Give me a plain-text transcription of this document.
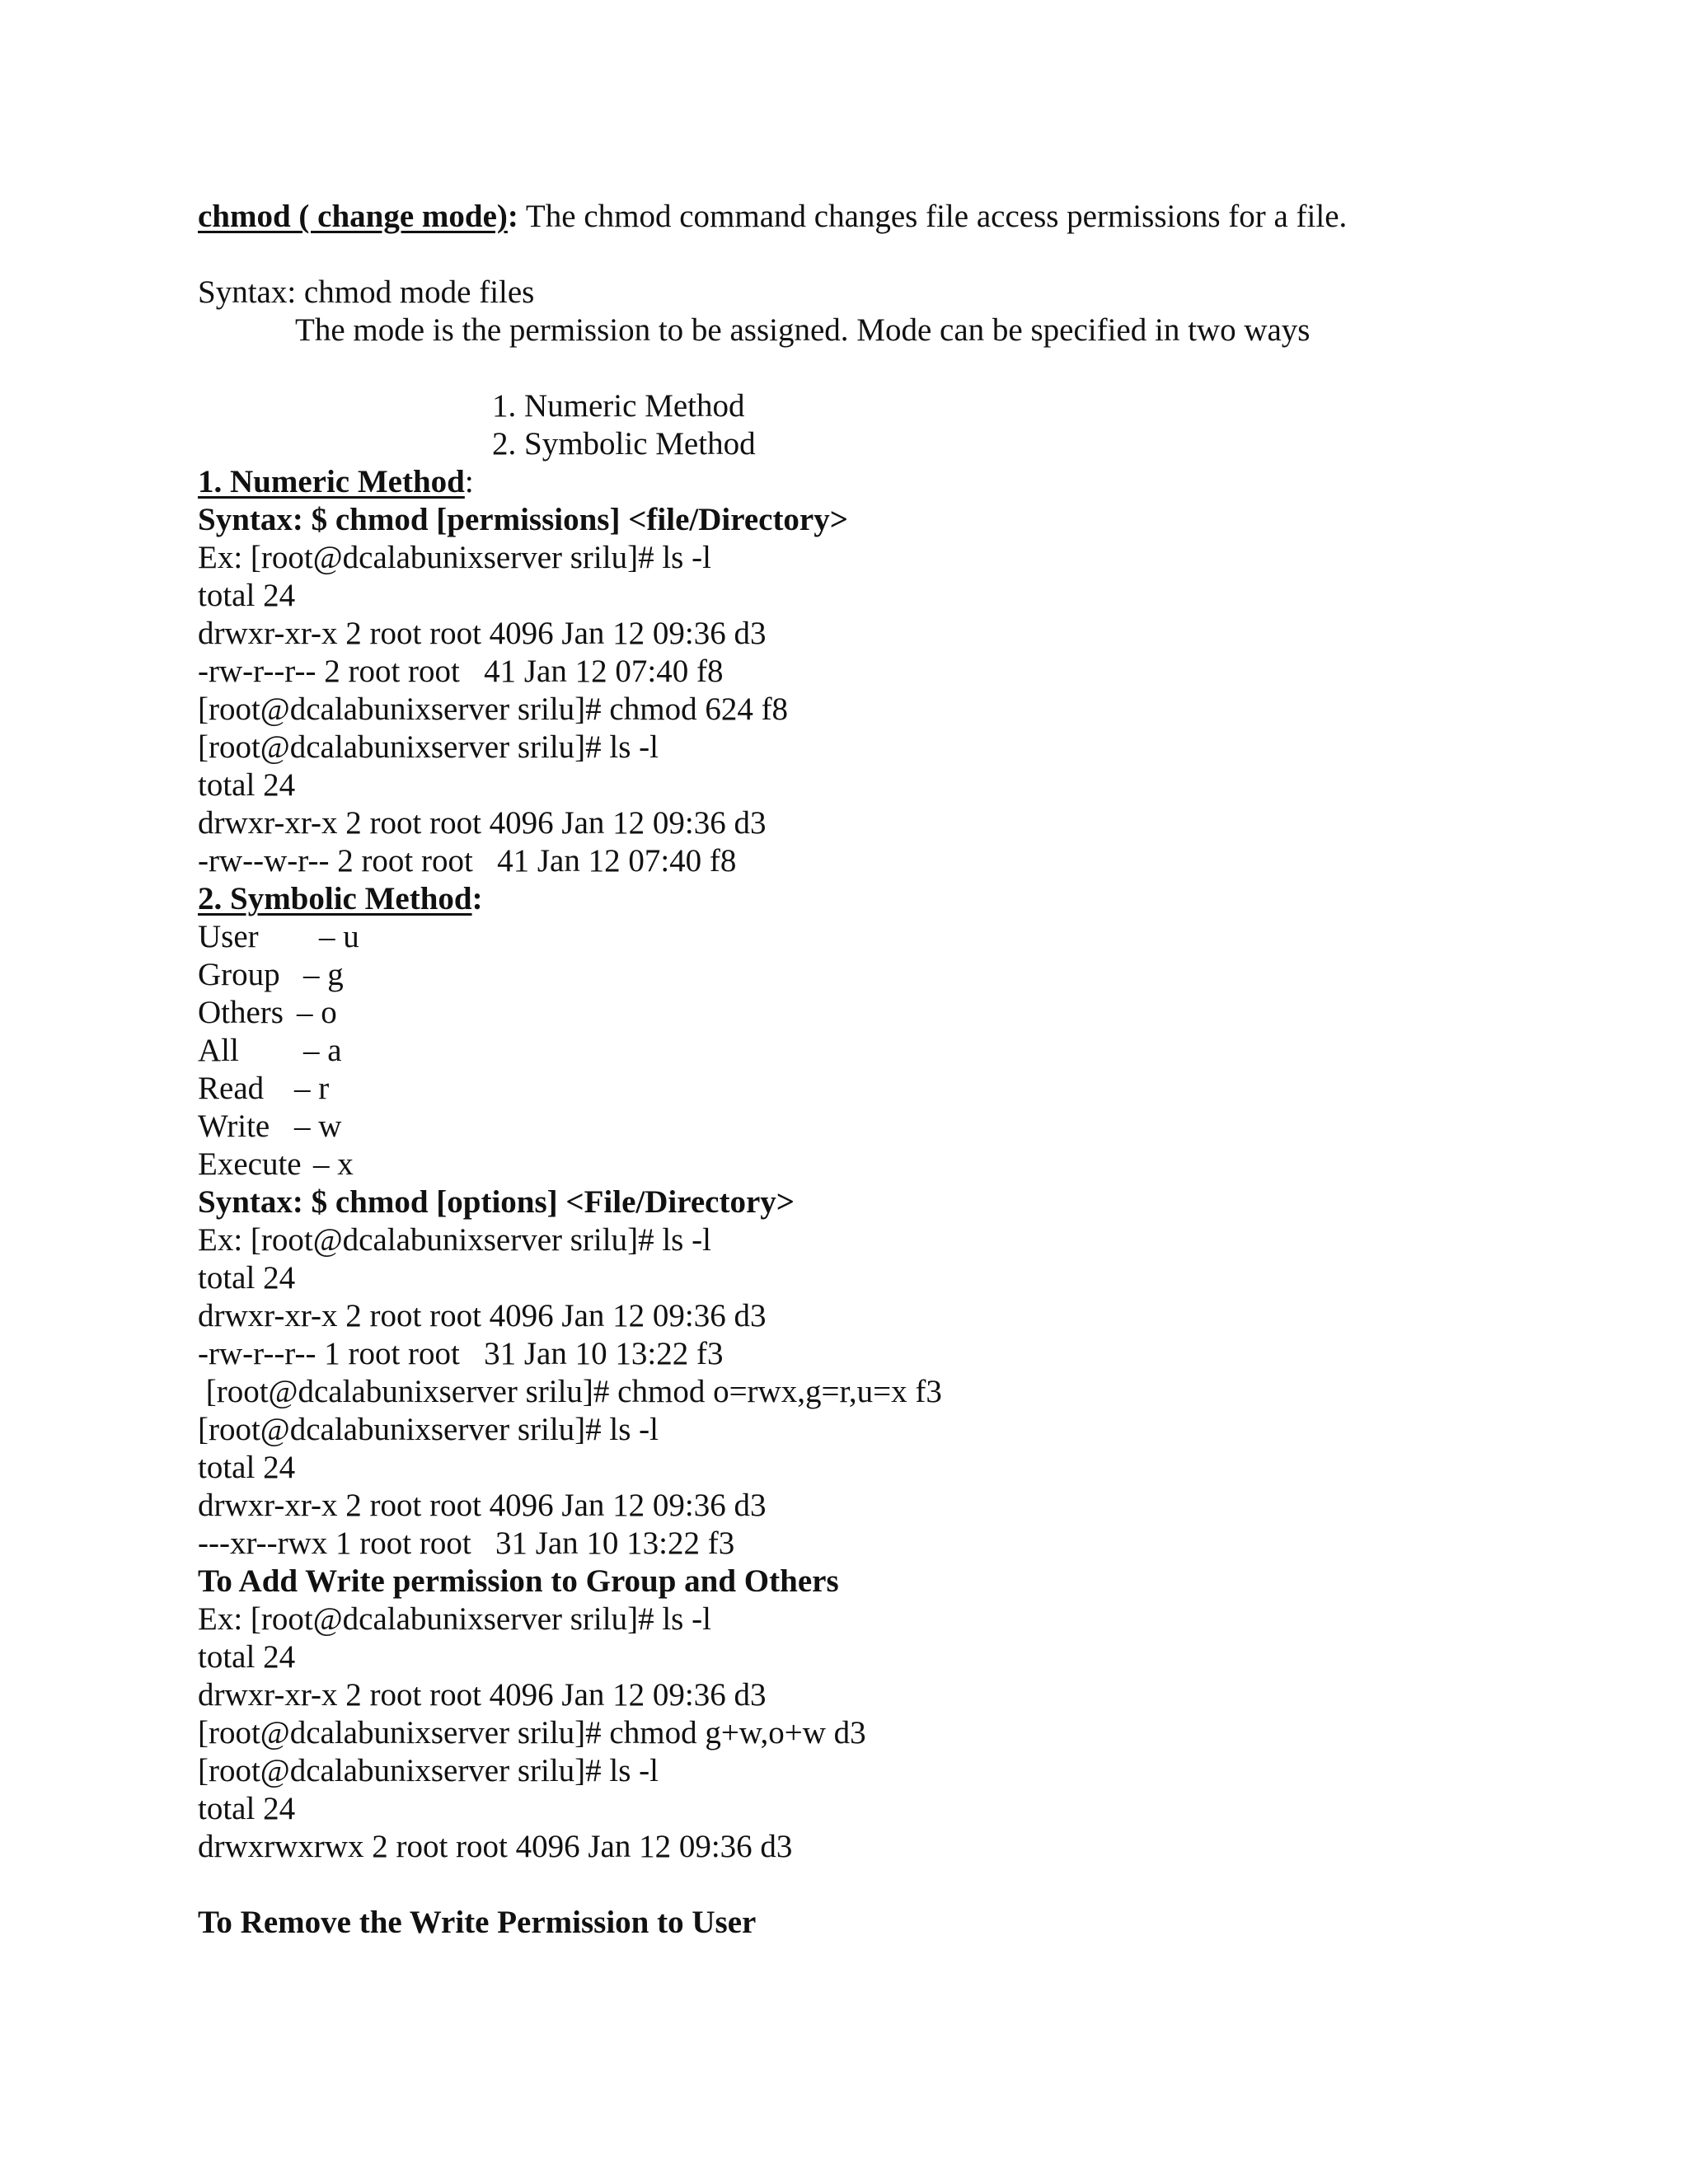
chmod ( change mode): The chmod command changes file access permissions for a file.
Syntax: chmod mode files
The mode is the permission to be assigned. Mode can be specified in two ways
1. Numeric Method
2. Symbolic Method
1. Numeric Method:
Syntax: $ chmod [permissions] <file/Directory>
Ex: [root@dcalabunixserver srilu]# ls -l
total 24
drwxr-xr-x 2 root root 4096 Jan 12 09:36 d3
-rw-r--r-- 2 root root   41 Jan 12 07:40 f8
[root@dcalabunixserver srilu]# chmod 624 f8
[root@dcalabunixserver srilu]# ls -l
total 24
drwxr-xr-x 2 root root 4096 Jan 12 09:36 d3
-rw--w-r-- 2 root root   41 Jan 12 07:40 f8
2. Symbolic Method:
User – u
Group – g
Others – o
All – a
Read – r
Write – w
Execute – x
Syntax: $ chmod [options] <File/Directory>
Ex: [root@dcalabunixserver srilu]# ls -l
total 24
drwxr-xr-x 2 root root 4096 Jan 12 09:36 d3
-rw-r--r-- 1 root root   31 Jan 10 13:22 f3
[root@dcalabunixserver srilu]# chmod o=rwx,g=r,u=x f3
[root@dcalabunixserver srilu]# ls -l
total 24
drwxr-xr-x 2 root root 4096 Jan 12 09:36 d3
---xr--rwx 1 root root   31 Jan 10 13:22 f3
To Add Write permission to Group and Others
Ex: [root@dcalabunixserver srilu]# ls -l
total 24
drwxr-xr-x 2 root root 4096 Jan 12 09:36 d3
[root@dcalabunixserver srilu]# chmod g+w,o+w d3
[root@dcalabunixserver srilu]# ls -l
total 24
drwxrwxrwx 2 root root 4096 Jan 12 09:36 d3
To Remove the Write Permission to User
